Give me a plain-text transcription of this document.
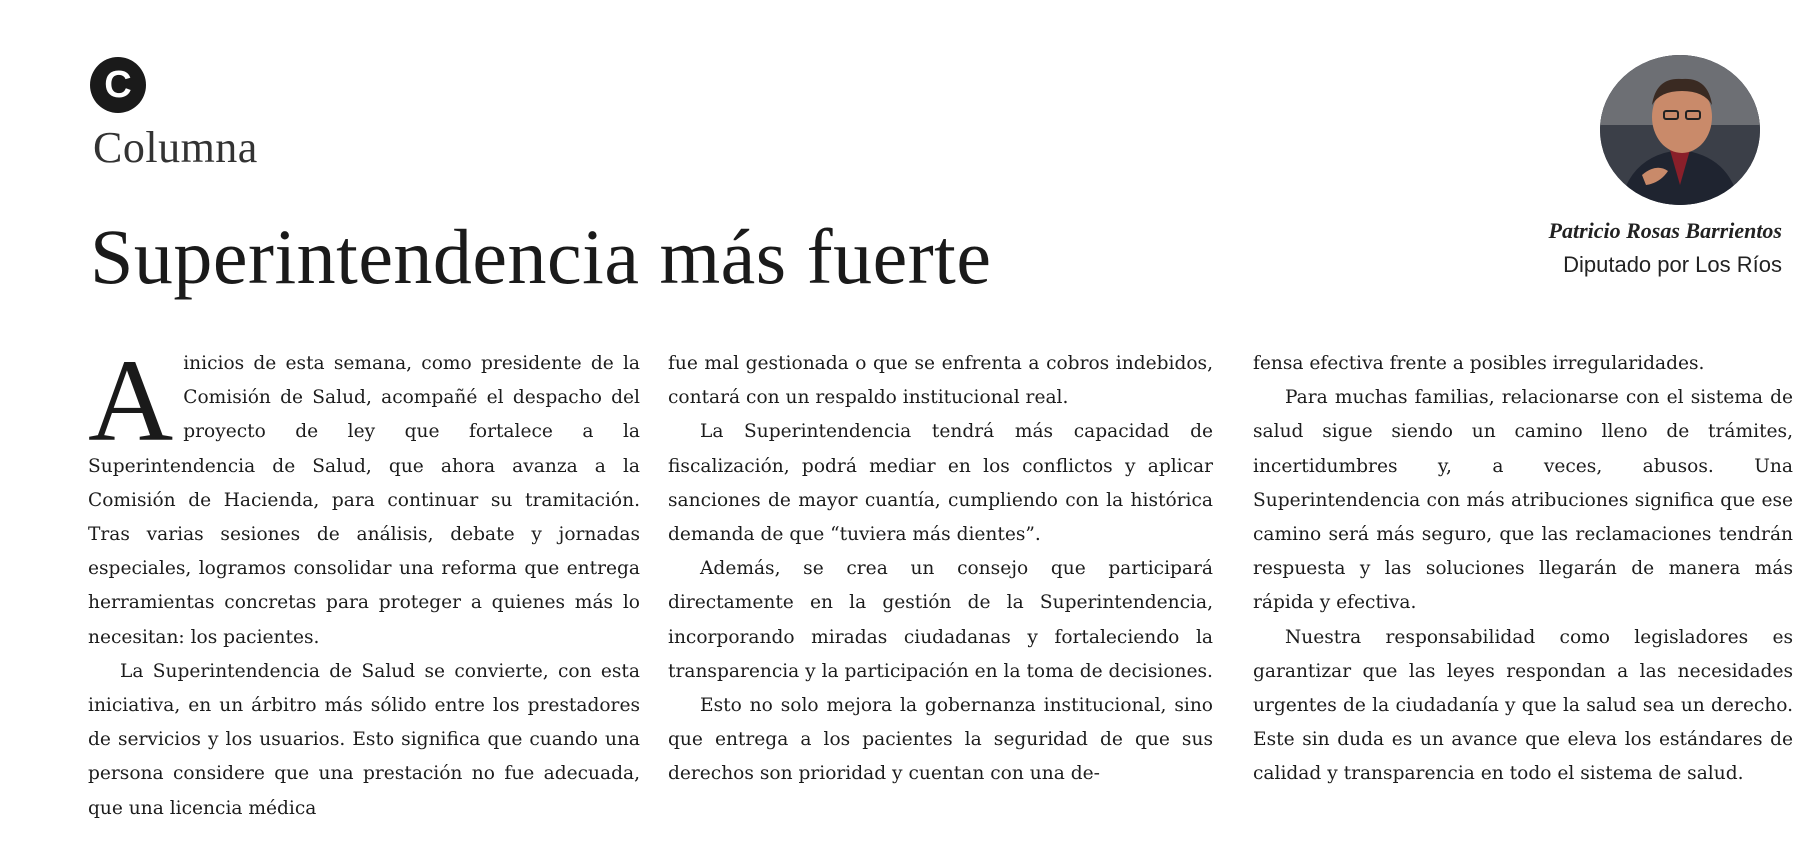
C
Columna
Superintendencia más fuerte	Patricio Rosas Barrientos
Diputado por Los Ríos

Ainicios de esta semana, como presidente de la Comisión de Salud, acompañé el despacho del proyecto de ley que fortalece a la Superintendencia de Salud, que ahora avanza a la Comisión de Hacienda, para continuar su tramitación. Tras varias sesiones de análisis, debate y jornadas especiales, logramos consolidar una reforma que entrega herramientas concretas para proteger a quienes más lo necesitan: los pacientes.

La Superintendencia de Salud se convierte, con esta iniciativa, en un árbitro más sólido entre los prestadores de servicios y los usuarios. Esto significa que cuando una persona considere que una prestación no fue adecuada, que una licencia médica

fue mal gestionada o que se enfrenta a cobros indebidos, contará con un respaldo institucional real.

La Superintendencia tendrá más capacidad de fiscalización, podrá mediar en los conflictos y aplicar sanciones de mayor cuantía, cumpliendo con la histórica demanda de que “tuviera más dientes”.

Además, se crea un consejo que participará directamente en la gestión de la Superintendencia, incorporando miradas ciudadanas y fortaleciendo la transparencia y la participación en la toma de decisiones.

Esto no solo mejora la gobernanza institucional, sino que entrega a los pacientes la seguridad de que sus derechos son prioridad y cuentan con una de-

fensa efectiva frente a posibles irregularidades.

Para muchas familias, relacionarse con el sistema de salud sigue siendo un camino lleno de trámites, incertidumbres y, a veces, abusos. Una Superintendencia con más atribuciones significa que ese camino será más seguro, que las reclamaciones tendrán respuesta y las soluciones llegarán de manera más rápida y efectiva.

Nuestra responsabilidad como legisladores es garantizar que las leyes respondan a las necesidades urgentes de la ciudadanía y que la salud sea un derecho. Este sin duda es un avance que eleva los estándares de calidad y transparencia en todo el sistema de salud.
